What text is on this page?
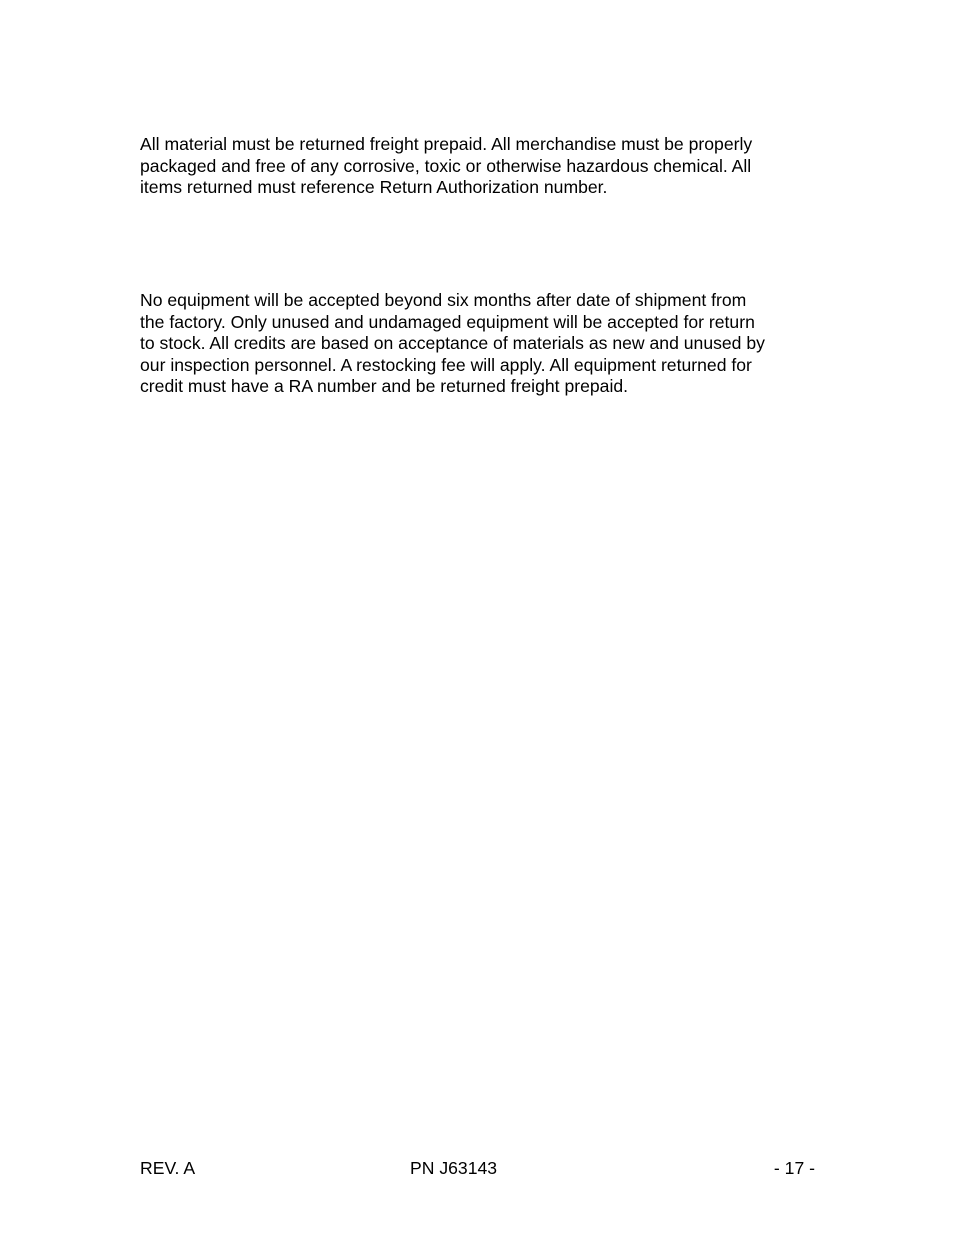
All material must be returned freight prepaid. All merchandise must be properly
packaged and free of any corrosive, toxic or otherwise hazardous chemical. All
items returned must reference Return Authorization number.

No equipment will be accepted beyond six months after date of shipment from
the factory. Only unused and undamaged equipment will be accepted for return
to stock. All credits are based on acceptance of materials as new and unused by
our inspection personnel. A restocking fee will apply. All equipment returned for
credit must have a RA number and be returned freight prepaid.

REV. A	PN J63143	- 17 -
